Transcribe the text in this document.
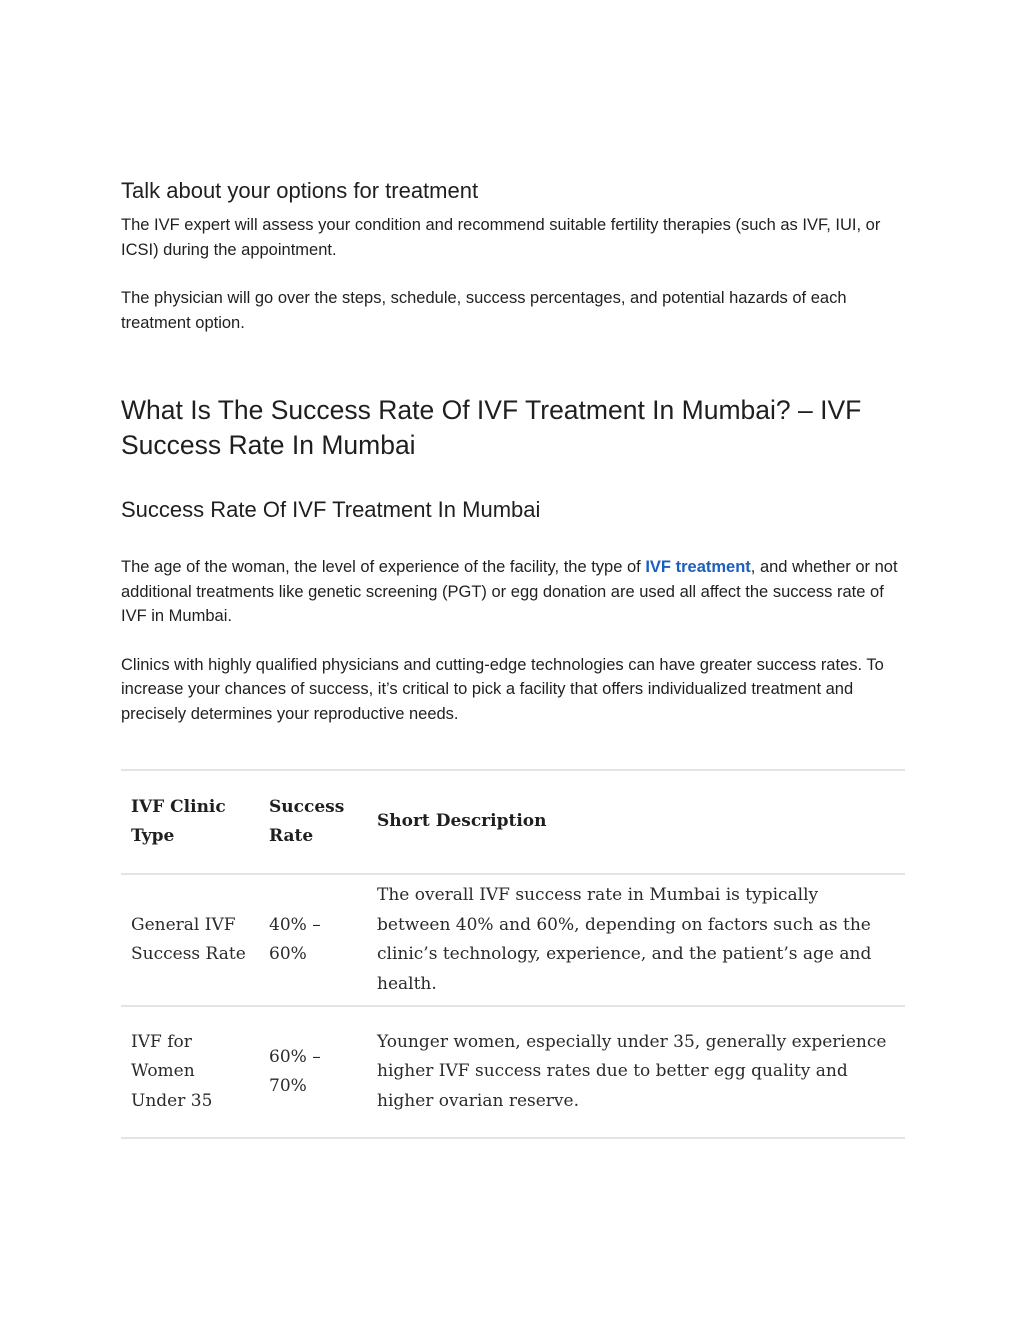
Talk about your options for treatment

The IVF expert will assess your condition and recommend suitable fertility therapies (such as IVF, IUI, or ICSI) during the appointment.

The physician will go over the steps, schedule, success percentages, and potential hazards of each treatment option.

What Is The Success Rate Of IVF Treatment In Mumbai? – IVF Success Rate In Mumbai
Success Rate Of IVF Treatment In Mumbai

The age of the woman, the level of experience of the facility, the type of IVF treatment, and whether or not additional treatments like genetic screening (PGT) or egg donation are used all affect the success rate of IVF in Mumbai.

Clinics with highly qualified physicians and cutting-edge technologies can have greater success rates. To increase your chances of success, it’s critical to pick a facility that offers individualized treatment and precisely determines your reproductive needs.

IVF Clinic Type	Success Rate	Short Description
General IVF Success Rate	40% – 60%	The overall IVF success rate in Mumbai is typically between 40% and 60%, depending on factors such as the clinic’s technology, experience, and the patient’s age and health.
IVF for Women Under 35	60% – 70%	Younger women, especially under 35, generally experience higher IVF success rates due to better egg quality and higher ovarian reserve.
